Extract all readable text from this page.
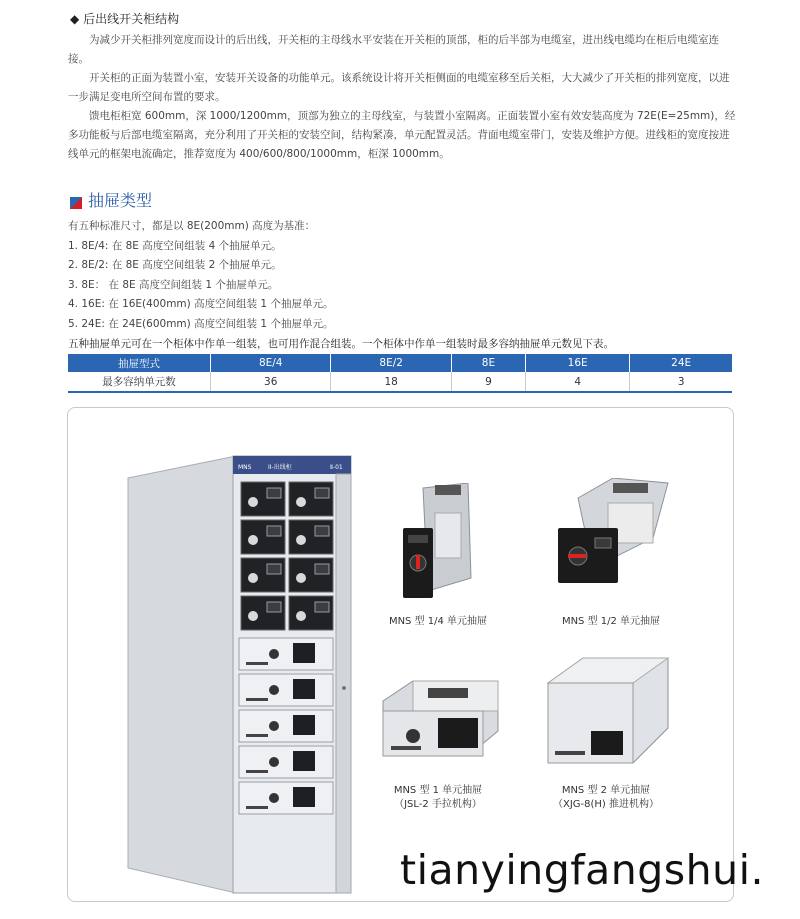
◆ 后出线开关柜结构
为减少开关柜排列宽度而设计的后出线，开关柜的主母线水平安装在开关柜的顶部，柜的后半部为电缆室，进出线电缆均在柜后电缆室连接。
开关柜的正面为装置小室，安装开关设备的功能单元。该系统设计将开关柜侧面的电缆室移至后关柜，大大减少了开关柜的排列宽度，以进一步满足变电所空间布置的要求。
馈电柜柜宽 600mm，深 1000/1200mm，顶部为独立的主母线室，与装置小室隔离。正面装置小室有效安装高度为 72E(E=25mm)，经多功能板与后部电缆室隔离，充分利用了开关柜的安装空间，结构紧凑，单元配置灵活。背面电缆室带门，安装及维护方便。进线柜的宽度按进线单元的框架电流确定，推荐宽度为 400/600/800/1000mm，柜深 1000mm。
抽屉类型
有五种标准尺寸，都是以 8E(200mm) 高度为基准：
1. 8E/4: 在 8E 高度空间组装 4 个抽屉单元。
2. 8E/2: 在 8E 高度空间组装 2 个抽屉单元。
3. 8E： 在 8E 高度空间组装 1 个抽屉单元。
4. 16E: 在 16E(400mm) 高度空间组装 1 个抽屉单元。
5. 24E: 在 24E(600mm) 高度空间组装 1 个抽屉单元。
五种抽屉单元可在一个柜体中作单一组装，也可用作混合组装。一个柜体中作单一组装时最多容纳抽屉单元数见下表。
抽屉型式	8E/4	8E/2	8E	16E	24E
最多容纳单元数	36	18	9	4	3
MNS	II-出线柜	Ⅱ-01
MNS 型 1/4 单元抽屉	MNS 型 1/2 单元抽屉
MNS 型 1 单元抽屉
（JSL-2 手拉机构）
MNS 型 2 单元抽屉
（XJG-8(H) 推进机构）
tianyingfangshui.
